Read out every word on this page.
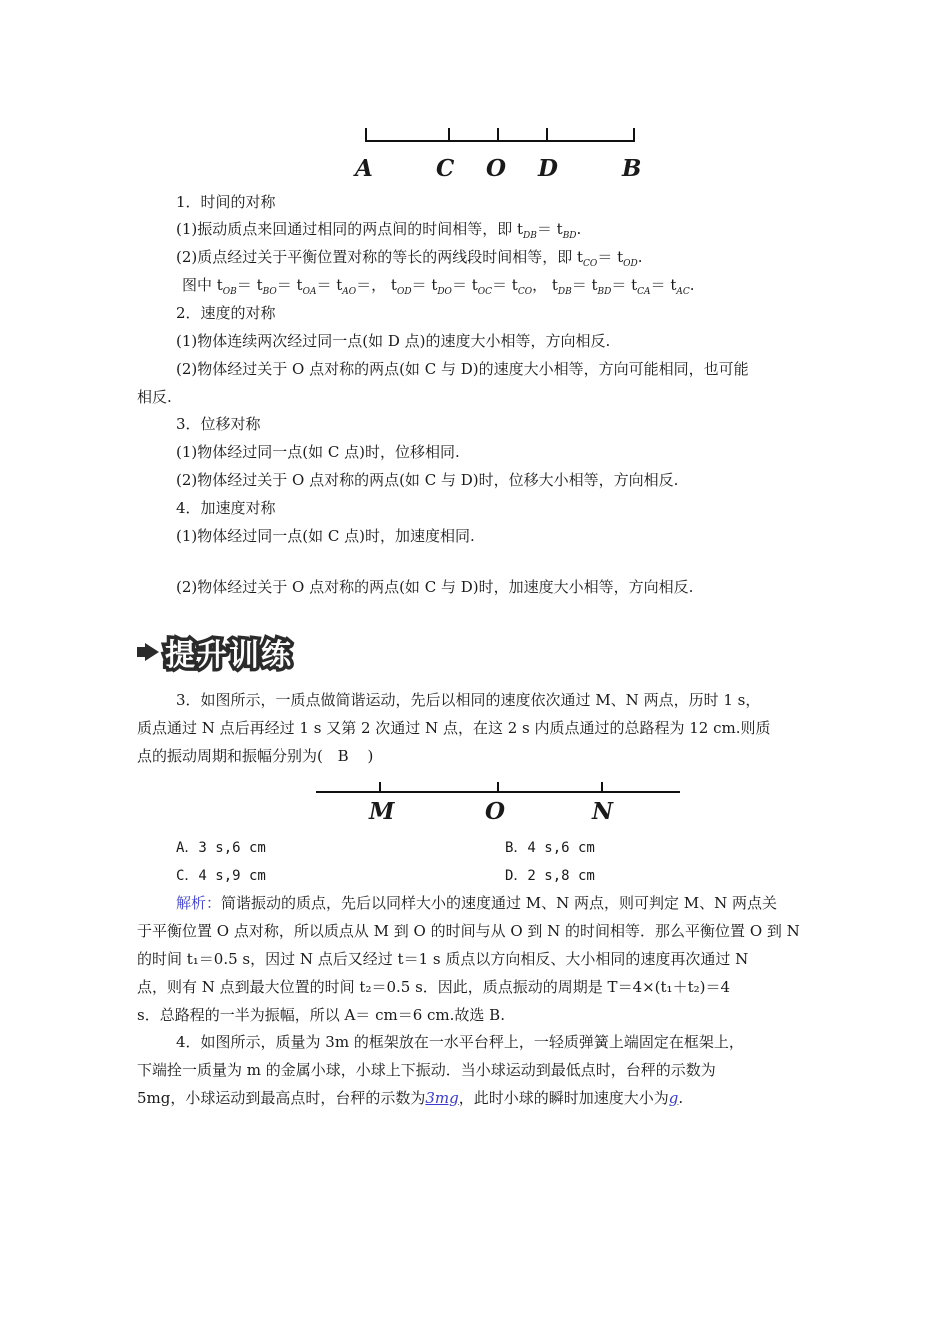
A	C O D	B
1．时间的对称
(1)振动质点来回通过相同的两点间的时间相等，即 $t_{DB}= t_{BD}$.
(2)质点经过关于平衡位置对称的等长的两线段时间相等，即 $t_{CO}= t_{OD}$.
图中 $t_{OB}= t_{BO}= t_{OA}= t_{AO}=$， $t_{OD}= t_{DO}= t_{OC}= t_{CO}$， $t_{DB}= t_{BD}= t_{CA}= t_{AC}$.
2．速度的对称
(1)物体连续两次经过同一点(如 D 点)的速度大小相等，方向相反.
(2)物体经过关于 O 点对称的两点(如 C 与 D)的速度大小相等，方向可能相同，也可能
相反.
3．位移对称
(1)物体经过同一点(如 C 点)时，位移相同.
(2)物体经过关于 O 点对称的两点(如 C 与 D)时，位移大小相等，方向相反.
4．加速度对称
(1)物体经过同一点(如 C 点)时，加速度相同.
(2)物体经过关于 O 点对称的两点(如 C 与 D)时，加速度大小相等，方向相反.
提升训练
3．如图所示，一质点做简谐运动，先后以相同的速度依次通过 M、N 两点，历时 1 s，
质点通过 N 点后再经过 1 s 又第 2 次通过 N 点，在这 2 s 内质点通过的总路程为 12 cm.则质
点的振动周期和振幅分别为( B )
M	O	N
A．3 s,6 cm	B．4 s,6 cm
C．4 s,9 cm	D．2 s,8 cm
解析：简谐振动的质点，先后以同样大小的速度通过 M、N 两点，则可判定 M、N 两点关
于平衡位置 O 点对称，所以质点从 M 到 O 的时间与从 O 到 N 的时间相等．那么平衡位置 O 到 N
的时间 t₁＝0.5 s，因过 N 点后又经过 t＝1 s 质点以方向相反、大小相同的速度再次通过 N
点，则有 N 点到最大位置的时间 t₂＝0.5 s．因此，质点振动的周期是 T＝4×(t₁＋t₂)＝4
s．总路程的一半为振幅，所以 A＝ cm＝6 cm.故选 B.
4．如图所示，质量为 3m 的框架放在一水平台秤上，一轻质弹簧上端固定在框架上，
下端拴一质量为 m 的金属小球，小球上下振动．当小球运动到最低点时，台秤的示数为
5mg，小球运动到最高点时，台秤的示数为3mg，此时小球的瞬时加速度大小为g.
